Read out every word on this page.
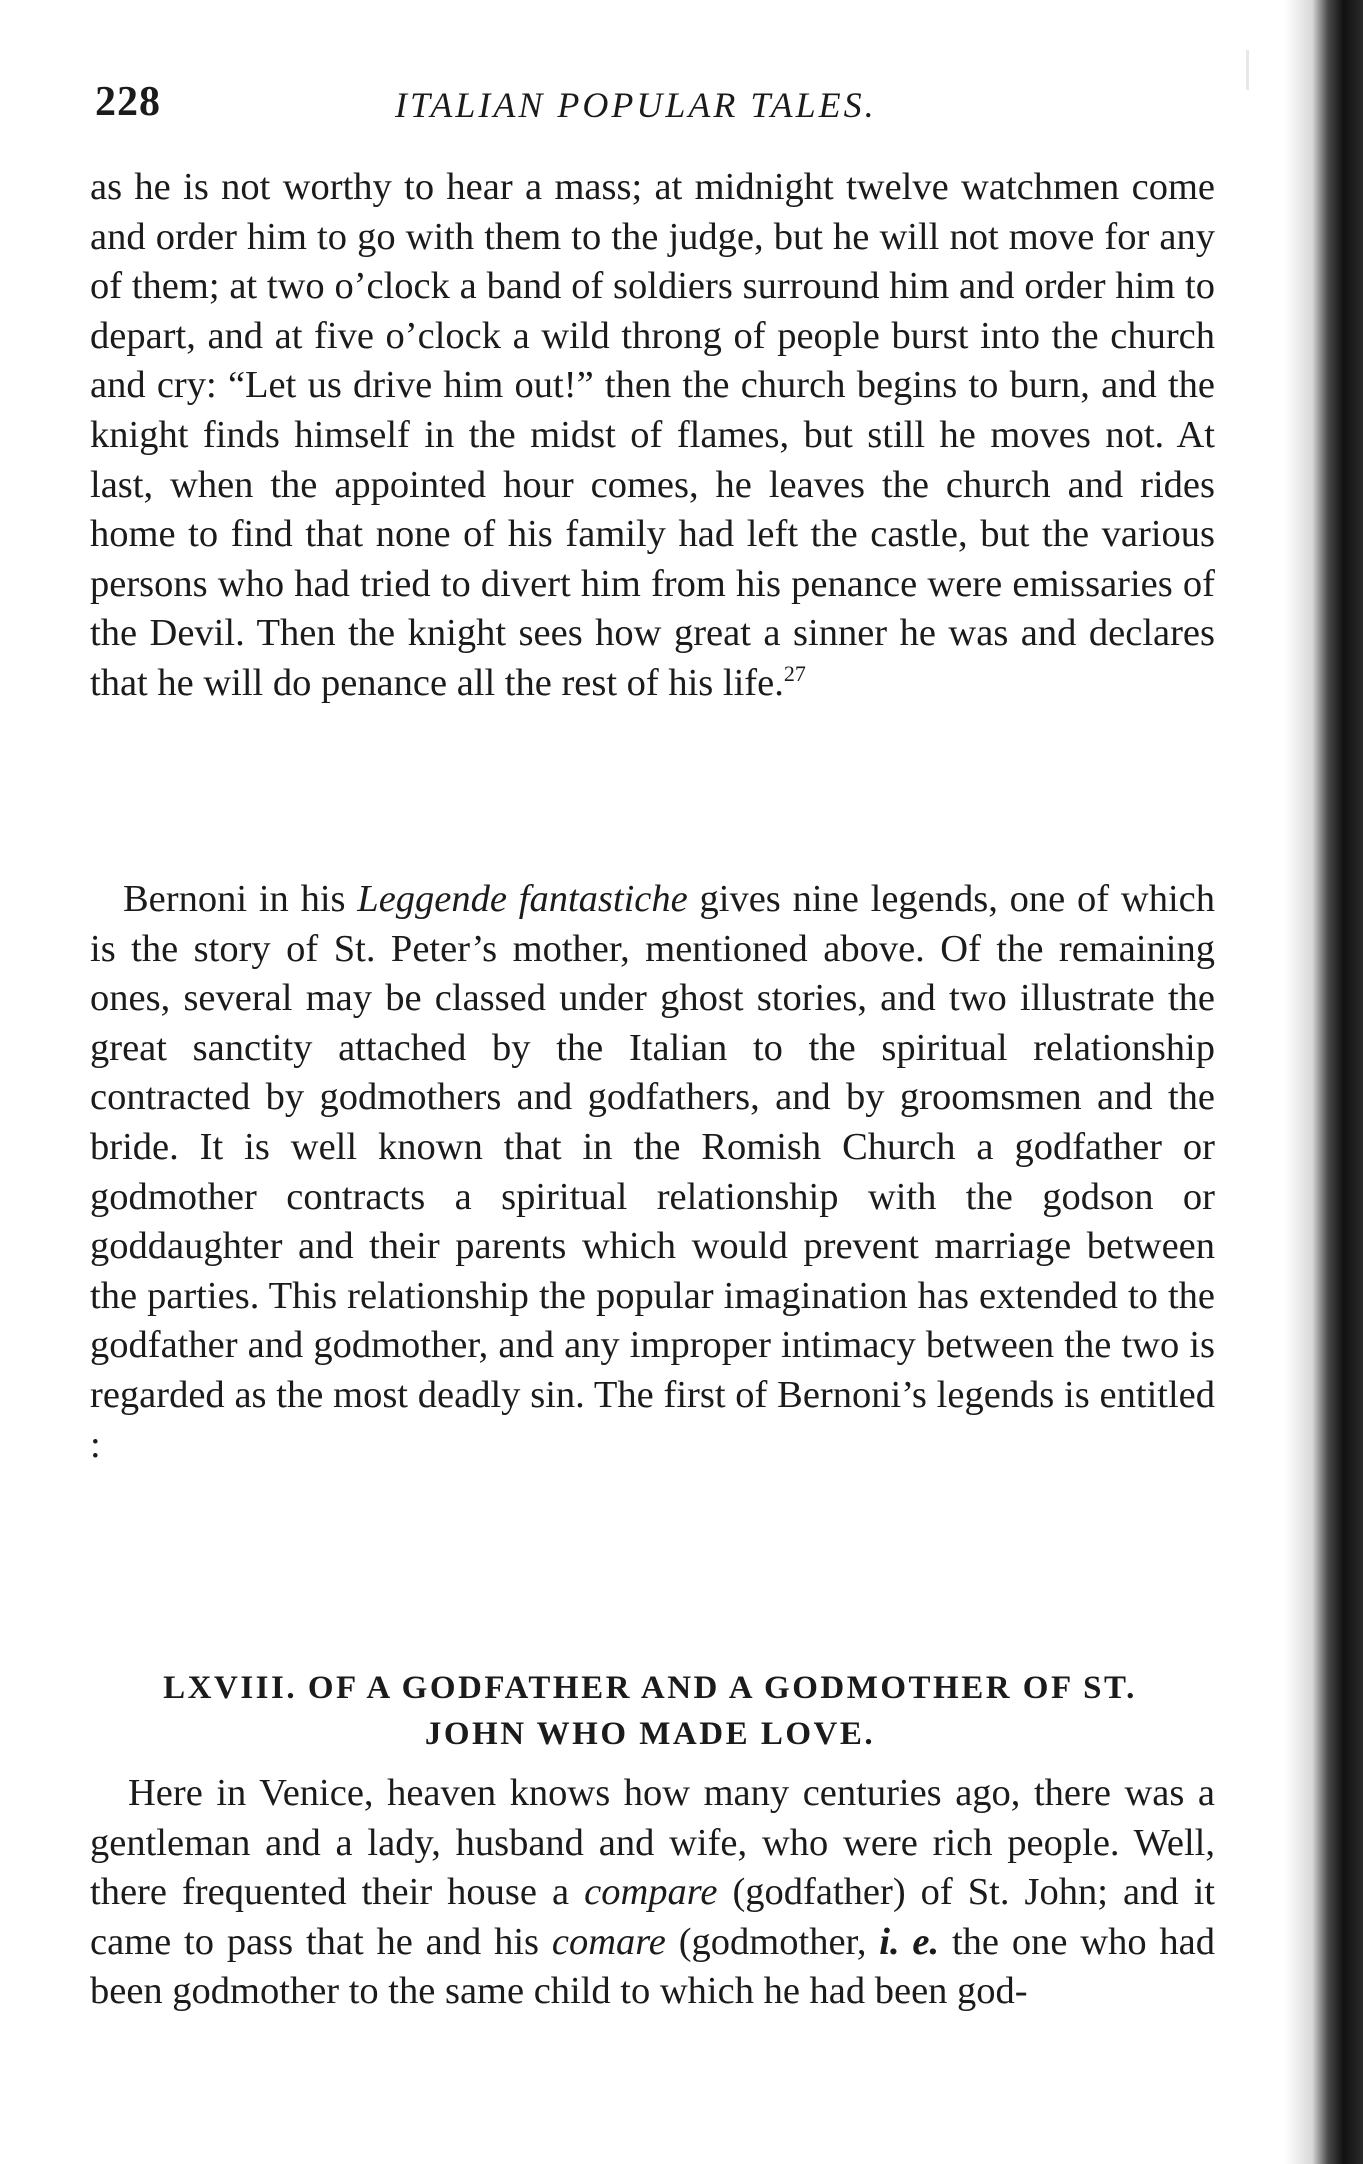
228	ITALIAN POPULAR TALES.

as he is not worthy to hear a mass; at midnight twelve watchmen come and order him to go with them to the judge, but he will not move for any of them; at two o’clock a band of soldiers surround him and order him to depart, and at five o’clock a wild throng of people burst into the church and cry: “Let us drive him out!” then the church begins to burn, and the knight finds himself in the midst of flames, but still he moves not. At last, when the appointed hour comes, he leaves the church and rides home to find that none of his family had left the castle, but the various persons who had tried to divert him from his penance were emissaries of the Devil. Then the knight sees how great a sinner he was and declares that he will do penance all the rest of his life.$^{27}$

Bernoni in his Leggende fantastiche gives nine legends, one of which is the story of St. Peter’s mother, mentioned above. Of the remaining ones, several may be classed under ghost stories, and two illustrate the great sanctity attached by the Italian to the spiritual relationship contracted by godmothers and godfathers, and by groomsmen and the bride. It is well known that in the Romish Church a godfather or godmother contracts a spiritual relationship with the godson or goddaughter and their parents which would prevent marriage between the parties. This relationship the popular imagination has extended to the godfather and godmother, and any improper intimacy between the two is regarded as the most deadly sin. The first of Bernoni’s legends is entitled :

LXVIII. OF A GODFATHER AND A GODMOTHER OF ST.
JOHN WHO MADE LOVE.

Here in Venice, heaven knows how many centuries ago, there was a gentleman and a lady, husband and wife, who were rich people. Well, there frequented their house a compare (godfather) of St. John; and it came to pass that he and his comare (godmother, i. e. the one who had been godmother to the same child to which he had been god-
